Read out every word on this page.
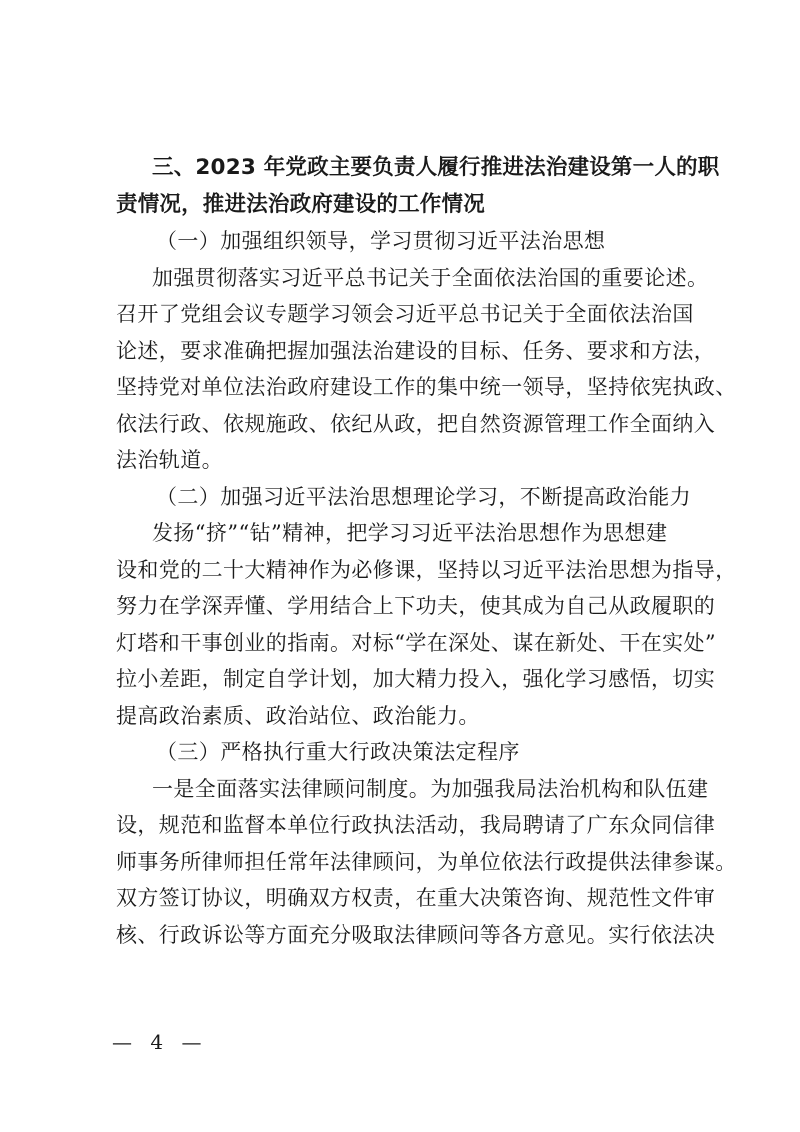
三、2023 年党政主要负责人履行推进法治建设第一人的职
责情况，推进法治政府建设的工作情况
（一）加强组织领导，学习贯彻习近平法治思想
加强贯彻落实习近平总书记关于全面依法治国的重要论述。
召开了党组会议专题学习领会习近平总书记关于全面依法治国
论述，要求准确把握加强法治建设的目标、任务、要求和方法，
坚持党对单位法治政府建设工作的集中统一领导，坚持依宪执政、
依法行政、依规施政、依纪从政，把自然资源管理工作全面纳入
法治轨道。
（二）加强习近平法治思想理论学习，不断提高政治能力
发扬“挤”“钻”精神，把学习习近平法治思想作为思想建
设和党的二十大精神作为必修课，坚持以习近平法治思想为指导，
努力在学深弄懂、学用结合上下功夫，使其成为自己从政履职的
灯塔和干事创业的指南。对标“学在深处、谋在新处、干在实处”
拉小差距，制定自学计划，加大精力投入，强化学习感悟，切实
提高政治素质、政治站位、政治能力。
（三）严格执行重大行政决策法定程序
一是全面落实法律顾问制度。为加强我局法治机构和队伍建
设，规范和监督本单位行政执法活动，我局聘请了广东众同信律
师事务所律师担任常年法律顾问，为单位依法行政提供法律参谋。
双方签订协议，明确双方权责，在重大决策咨询、规范性文件审
核、行政诉讼等方面充分吸取法律顾问等各方意见。实行依法决
— 4 —
